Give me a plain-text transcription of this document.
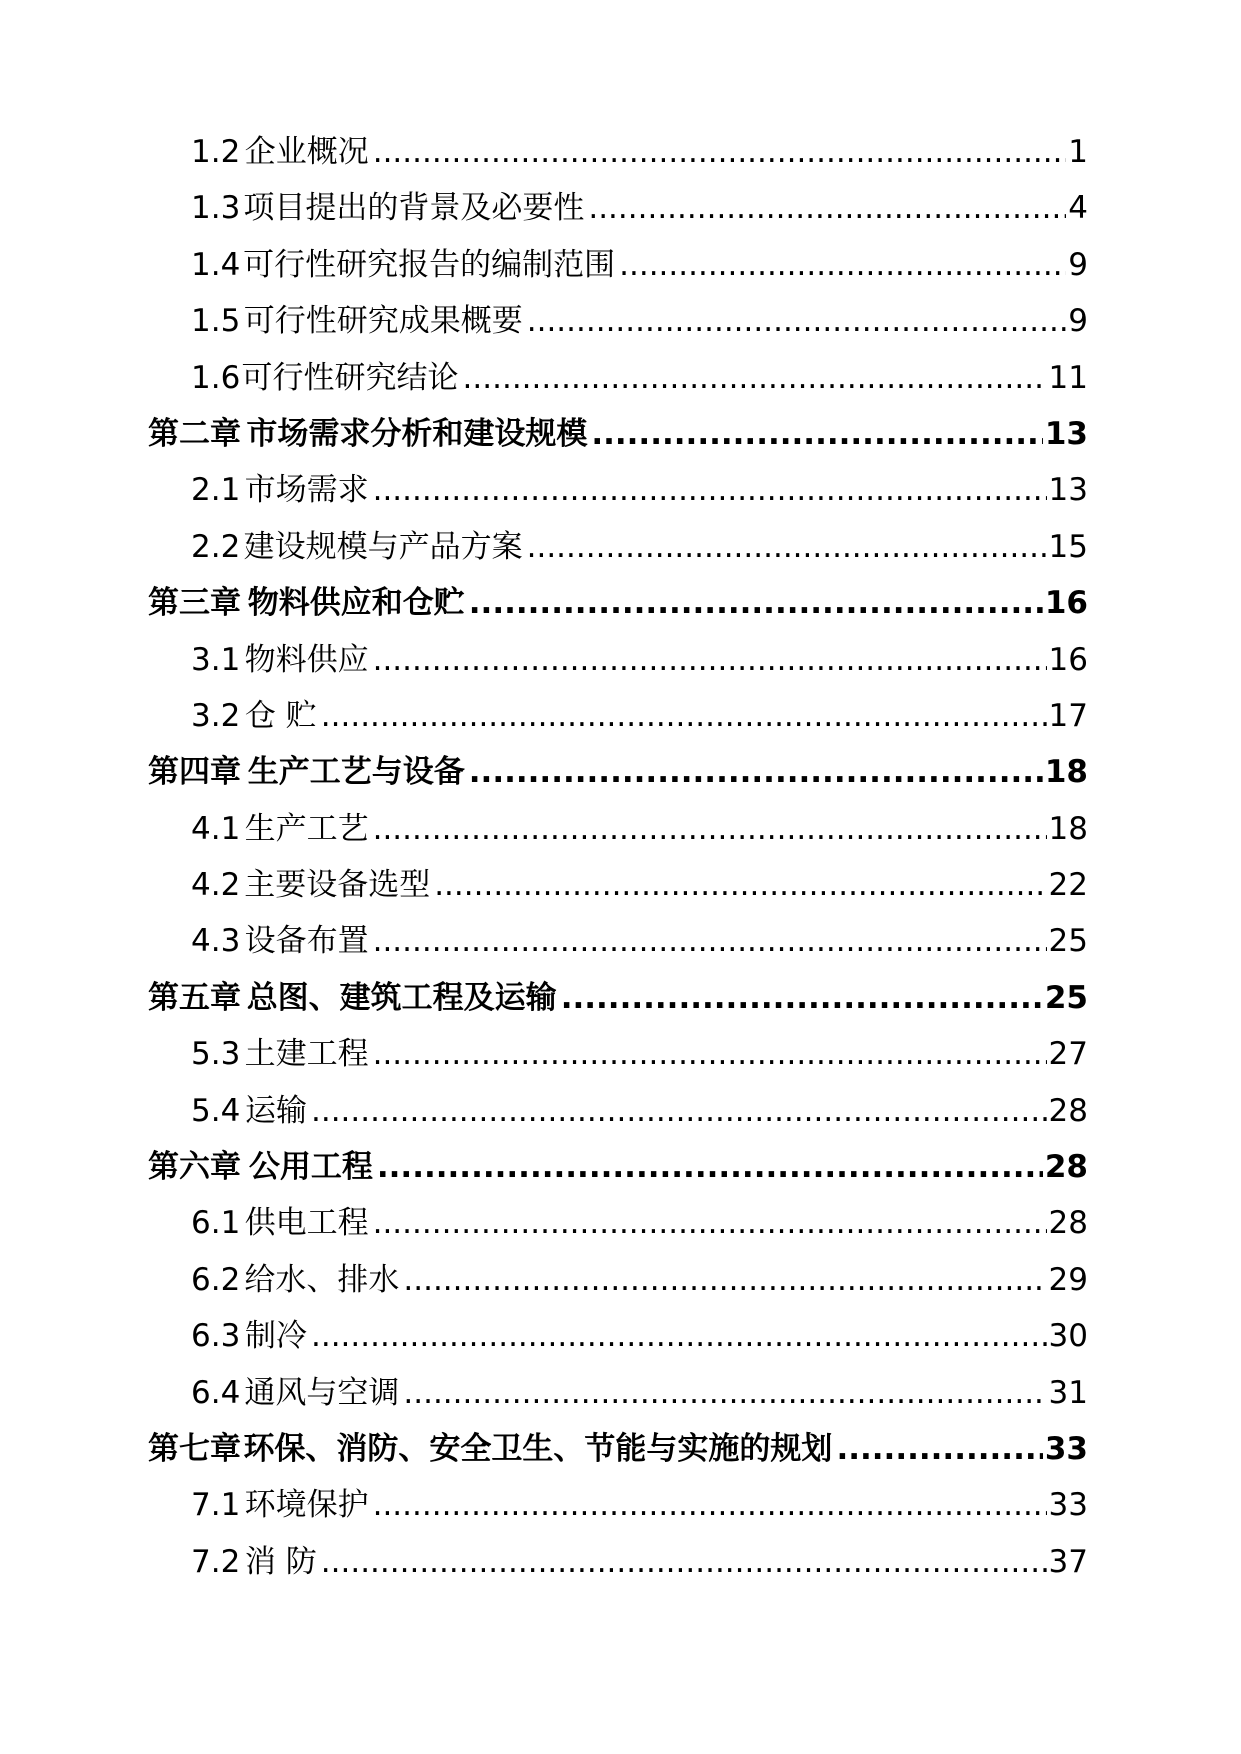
1.2 企业概况 .....	1
1.3 项目提出的背景及必要性 .....	4
1.4 可行性研究报告的编制范围 .....	9
1.5 可行性研究成果概要 .....	9
1.6 可行性研究结论 .....	11
第二章 市场需求分析和建设规模 .....	13
2.1 市场需求 .....	13
2.2 建设规模与产品方案 .....	15
第三章 物料供应和仓贮 .....	16
3.1 物料供应 .....	16
3.2 仓 贮 .....	17
第四章 生产工艺与设备 .....	18
4.1 生产工艺 .....	18
4.2 主要设备选型 .....	22
4.3 设备布置 .....	25
第五章 总图、建筑工程及运输 .....	25
5.3 土建工程 .....	27
5.4 运输 .....	28
第六章 公用工程 .....	28
6.1 供电工程 .....	28
6.2 给水、排水 .....	29
6.3 制冷 .....	30
6.4 通风与空调 .....	31
第七章 环保、消防、安全卫生、节能与实施的规划 .....	33
7.1 环境保护 .....	33
7.2 消 防 .....	37
